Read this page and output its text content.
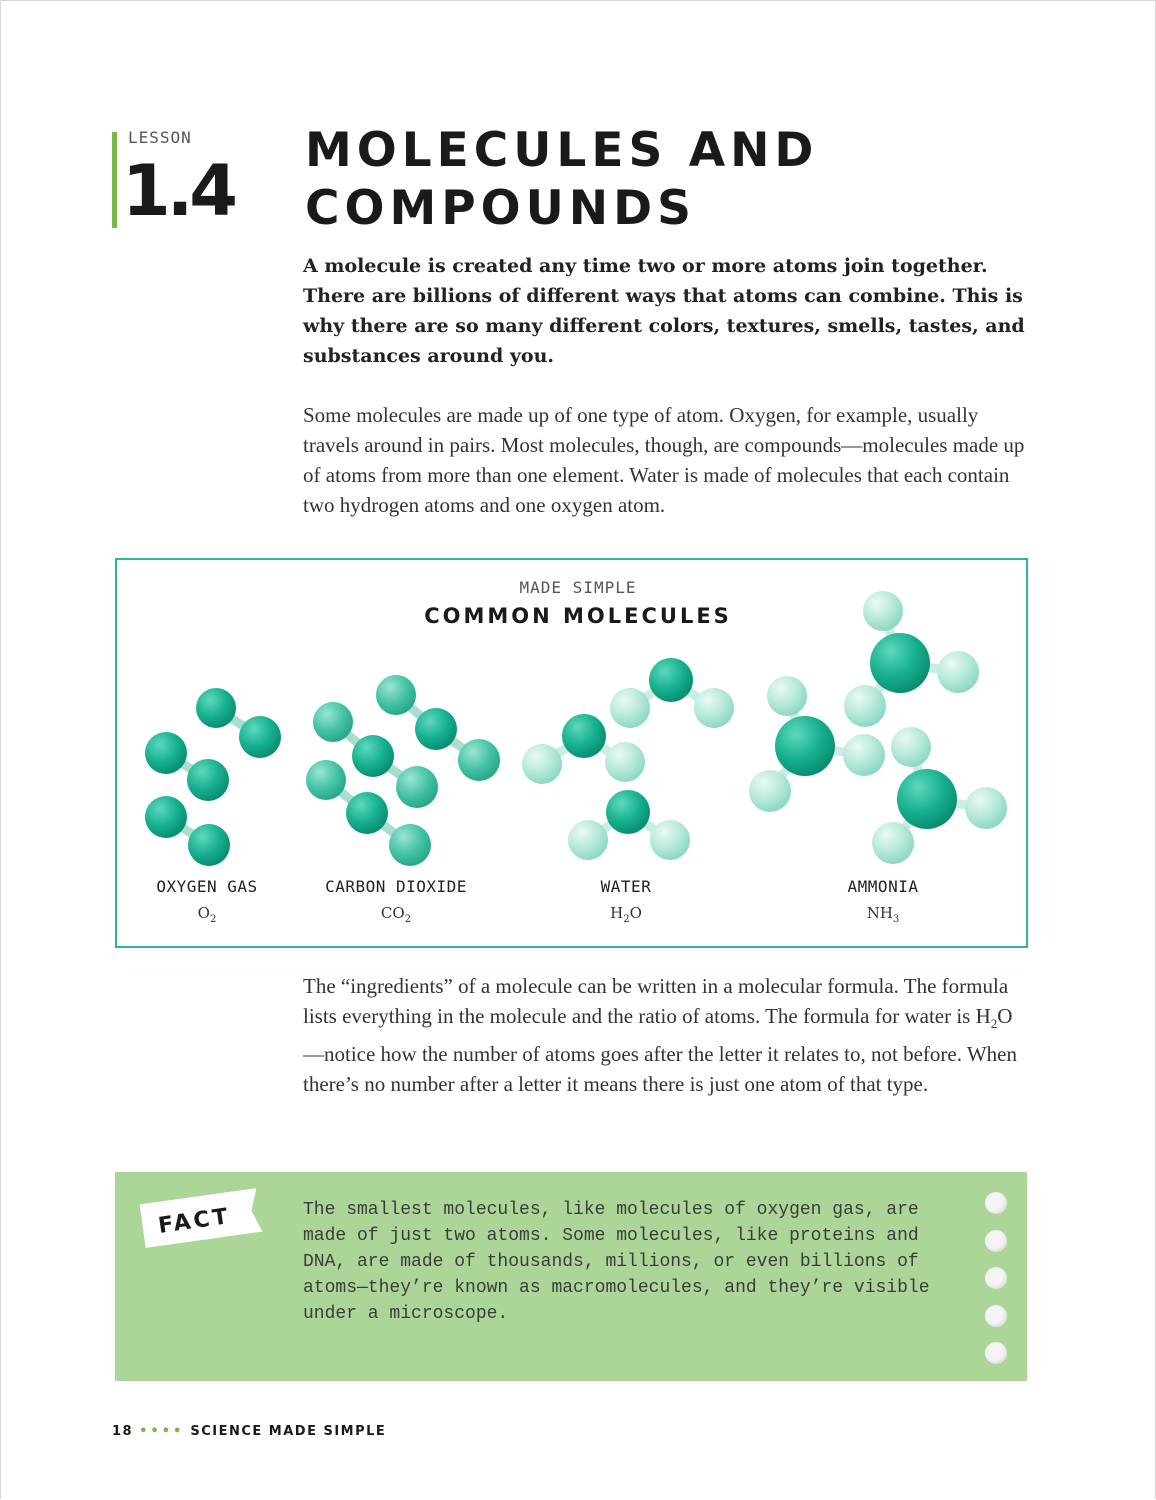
LESSON
1.4 MOLECULES AND
COMPOUNDS

A molecule is created any time two or more atoms join together. There are billions of different ways that atoms can combine. This is why there are so many different colors, textures, smells, tastes, and substances around you.

Some molecules are made up of one type of atom. Oxygen, for example, usually travels around in pairs. Most molecules, though, are compounds—molecules made up of atoms from more than one element. Water is made of molecules that each contain two hydrogen atoms and one oxygen atom.

MADE SIMPLE
COMMON MOLECULES
OXYGEN GAS
$O_2$
CARBON DIOXIDE
$CO_2$
WATER
$H_2O$
AMMONIA
$NH_3$

The “ingredients” of a molecule can be written in a molecular formula. The formula lists everything in the molecule and the ratio of atoms. The formula for water is $H_2O—notice$ how the number of atoms goes after the letter it relates to, not before. When there’s no number after a letter it means there is just one atom of that type.

FACT	The smallest molecules, like molecules of oxygen gas, are made of just two atoms. Some molecules, like proteins and DNA, are made of thousands, millions, or even billions of atoms—they’re known as macromolecules, and they’re visible under a microscope.

18 •••• SCIENCE MADE SIMPLE
